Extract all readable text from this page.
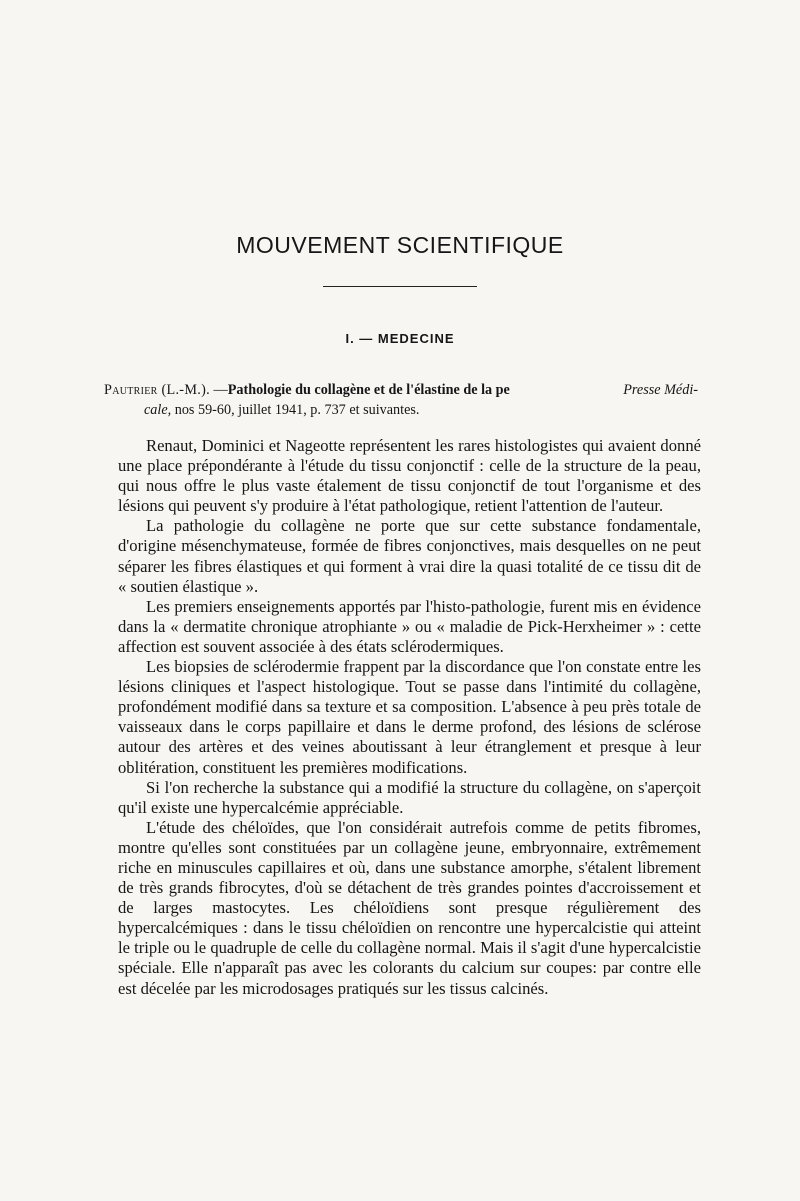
MOUVEMENT SCIENTIFIQUE
I. — MEDECINE
Pautrier (L.-M.). —Pathologie du collagène et de l'élastine de la pe	Presse Médi-
cale, nos 59-60, juillet 1941, p. 737 et suivantes.

Renaut, Dominici et Nageotte représentent les rares histologistes qui avaient donné une place prépondérante à l'étude du tissu conjonctif : celle de la structure de la peau, qui nous offre le plus vaste étalement de tissu conjonctif de tout l'organisme et des lésions qui peuvent s'y produire à l'état pathologique, retient l'attention de l'auteur.

La pathologie du collagène ne porte que sur cette substance fondamentale, d'origine mésenchymateuse, formée de fibres conjonctives, mais desquelles on ne peut séparer les fibres élastiques et qui forment à vrai dire la quasi totalité de ce tissu dit de « soutien élastique ».

Les premiers enseignements apportés par l'histo-pathologie, furent mis en évidence dans la « dermatite chronique atrophiante » ou « maladie de Pick-Herxheimer » : cette affection est souvent associée à des états sclérodermiques.

Les biopsies de sclérodermie frappent par la discordance que l'on constate entre les lésions cliniques et l'aspect histologique. Tout se passe dans l'intimité du collagène, profondément modifié dans sa texture et sa composition. L'absence à peu près totale de vaisseaux dans le corps papillaire et dans le derme profond, des lésions de sclérose autour des artères et des veines aboutissant à leur étranglement et presque à leur oblitération, constituent les premières modifications.

Si l'on recherche la substance qui a modifié la structure du collagène, on s'aperçoit qu'il existe une hypercalcémie appréciable.

L'étude des chéloïdes, que l'on considérait autrefois comme de petits fibromes, montre qu'elles sont constituées par un collagène jeune, embryonnaire, extrêmement riche en minuscules capillaires et où, dans une substance amorphe, s'étalent librement de très grands fibrocytes, d'où se détachent de très grandes pointes d'accroissement et de larges mastocytes. Les chéloïdiens sont presque régulièrement des hypercalcémiques : dans le tissu chéloïdien on rencontre une hypercalcistie qui atteint le triple ou le quadruple de celle du collagène normal. Mais il s'agit d'une hypercalcistie spéciale. Elle n'apparaît pas avec les colorants du calcium sur coupes: par contre elle est décelée par les microdosages pratiqués sur les tissus calcinés.
